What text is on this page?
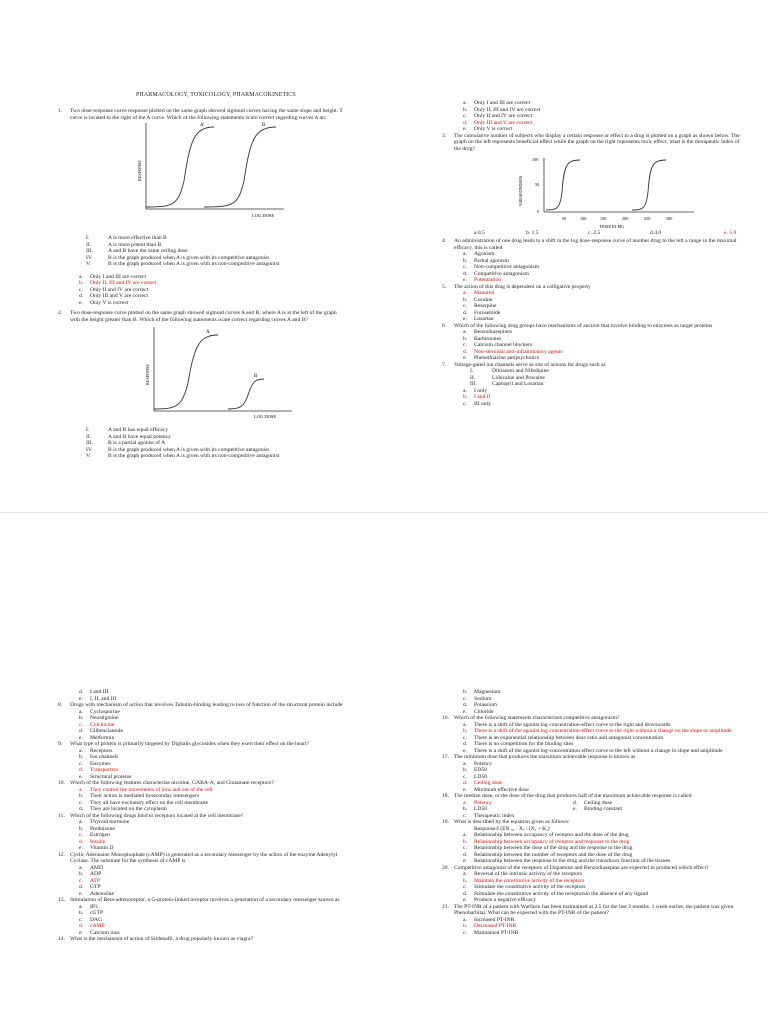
PHARMACOLOGY, TOXICOLOGY, PHARMACOKINETICS
1. Two dose-response curve response plotted on the same graph showed sigmoid curves having the same slope and height. T curve is located to the right of the A curve. Which of the following statements is/are correct regarding curves A an:
A	B
RESPONSE
LOG DOSE
I.	A is more effective than B
II.	A is more potent than B
III.	A and B have the same ceiling dose
IV.	B is the graph produced when A is given with its competitive antagonist
V.	B is the graph produced when A is given with its non-competitive antagonist
a. Only I and III are correct
b. Only II, III and IV are correct
c. Only II and IV are correct
d. Only III and V are correct
e. Only V is correct
2. Two dose-response curve plotted on the same graph showed sigmoid curves A and B, where A is at the left of the graph with the height greater than B. Which of the following statements is/are correct regarding curves A and B?
A
B
RESPONSE
LOG DOSE
I.	A and B has equal efficacy
II.	A and B have equal potency
III.	B is a partial agonist of A
IV.	B is the graph produced when A is given with its competitive antagonist
V.	B is the graph produced when A is given with its non-competitive antagonist
a. Only I and III are correct
b. Only II, III and IV are correct
c. Only II and IV are correct
d. Only III and V are correct
e. Only V is correct
3. The cumulative number of subjects who display a certain response or effect to a drug is plotted on a graph as shown below. The graph on the left represents beneficial effect while the graph on the right represents toxic effect, what is the therapeutic index of the drug?
%RESPONDERS
100
50
0
50	100	150	200	250	300
DOSE IN MG
a.0.5	b. 1.5	c. 2.5	d.4.0	e. 5.0
4. An administration of one drug leads to a shift in the log dose-response curve of another drug to the left a range in the maximal efficacy, this is called
a. Agonism
b. Partial agonism
c. Non-competitive antagonism
d. Competitive antagonism
e. Potentiation
5. The action of this drug is dependent on a colligative property
a. Mannitol
b. Cocaine
c. Reserpine
d. Furosemide
e. Losartan
6. Which of the following drug groups have mechanisms of auction that involve binding to enzymes as target proteins
a. Benzodiazepines
b. Barbiturates
c. Calcium channel blockers
d. Non-steroidal anti-inflammatory agents
e. Phenothiazine antipsychotics
7. Voltage-gated ion channels serve as site of actions for drugs such as
I.	Diltiazem and Nifedipine
II.	Lidocaine and Procaine
III.	Captopril and Losartan
a. I only
b. I and II
c. III only
d. I and III
e. I, II, and III
8. Drugs with mechanism of action that involves Tubulin-binding leading to loss of function of the structural protein include
a. Cyclosporine
b. Neostigmine
c. Colchicine
d. Glibenclamide
e. Metformin
9. What type of protein is primarily targeted by Digitalis glycosides when they exert their effect on the heart?
a. Receptors
b. Ion channels
c. Enzymes
d. Transporters
e. Structural proteins
10. Which of the following features characterize nicotine, GABA-A, and Glutamate receptors?
a. They control the movements of ions and out of the cell
b. Their action is mediated byseconday messengers
c. They all have excitatory effect on the cell membrane
d. They are located on the cytoplasm
11. Which of the following drugs bind to receptors located at the cell membrane?
a. Thyroid hormone
b. Prednisone
c. Estrogen
d. Insulin
e. Vitamin D
12. Cyclic Adenosine Monophophate (cAMP) is generated as a secondary messenger by the action of the enzyme Adenylyl Cyclase. The substrate for the synthesis of cAMP is
a. AMD
b. ADP
c. ATP
d. GTP
e. Adenosine
13. Stimulation of Beta-adrenoceptor, a G-protein-linked receptor involves a generation of a secondary messenger known as
a. IP3
b. cGTP
c. DAG
d. cAMP
e. Calcium ions
14. What is the mechanism of action of Sildenafil, a drug popularly known as viagra?
b. Magnesium
c. Sodium
d. Potassium
e. Chloride
16. Which of the following statements characterizes competitive antagonism?
a. There is a shift of the agonist log concentration-effect curve to the right and downwards
b. There is a shift of the agonist log concentration-effect curve to the right without a change on the slope or amplitude
c. There is an exponential relationship between dose ratio and antagonist concentration
d. There is no competition for the binding sites
e. There is a shift of the agonist log-concentration effect curve to the left without a change in slope and amplitude
17. The minimum dose that produces the maximum achievable response is known as
a. Potency
b. ED50
c. LD50
d. Ceiling dose
e. Minimum effective dose
18. The median dose, or the dose of the drug that produces half of the maximum achievable response is called
a. Potency
b. LD50
c. Therapeutic index
d. Ceiling dose
e. Binding constant
19. What is described by the equation given as follows:
Response:f (EN ₓₓ · Xₐ / (Xₐ + Kₐ)
a. Relationship between occupancy of receptor and the dose of the drug
b. Relationship between occupancy of receptor and response to the drug
c. Relationship between the dose of the drug and the response to the drug
d. Relationship between the number of receptors and the dose of the drug
e. Relationship between the response to the drug and the transducer function of the tissues
20. Competitive antagonist of the receptors of Dopamine and Benzodiazepine are expected to produced which effect?
a. Reversal of the intrinsic activity of the receptors
b. Maintain the constitutive activity of the receptors
c. Stimulate the constitutive activity of the receptors
d. Stimulate the constitutive activity of the receptorsin the absence of any ligand
e. Produce a negative efficacy
21. The PT-INR of a patient with Warfarin has been maintained at 2.5 for the last 3 months. 1 week earlier, the patient was given Phenobarbital. What can be expected with the PT-INR of the patient?
a. Increased PT-INR
b. Decreased PT-INR
c. Maintained PT-INR
